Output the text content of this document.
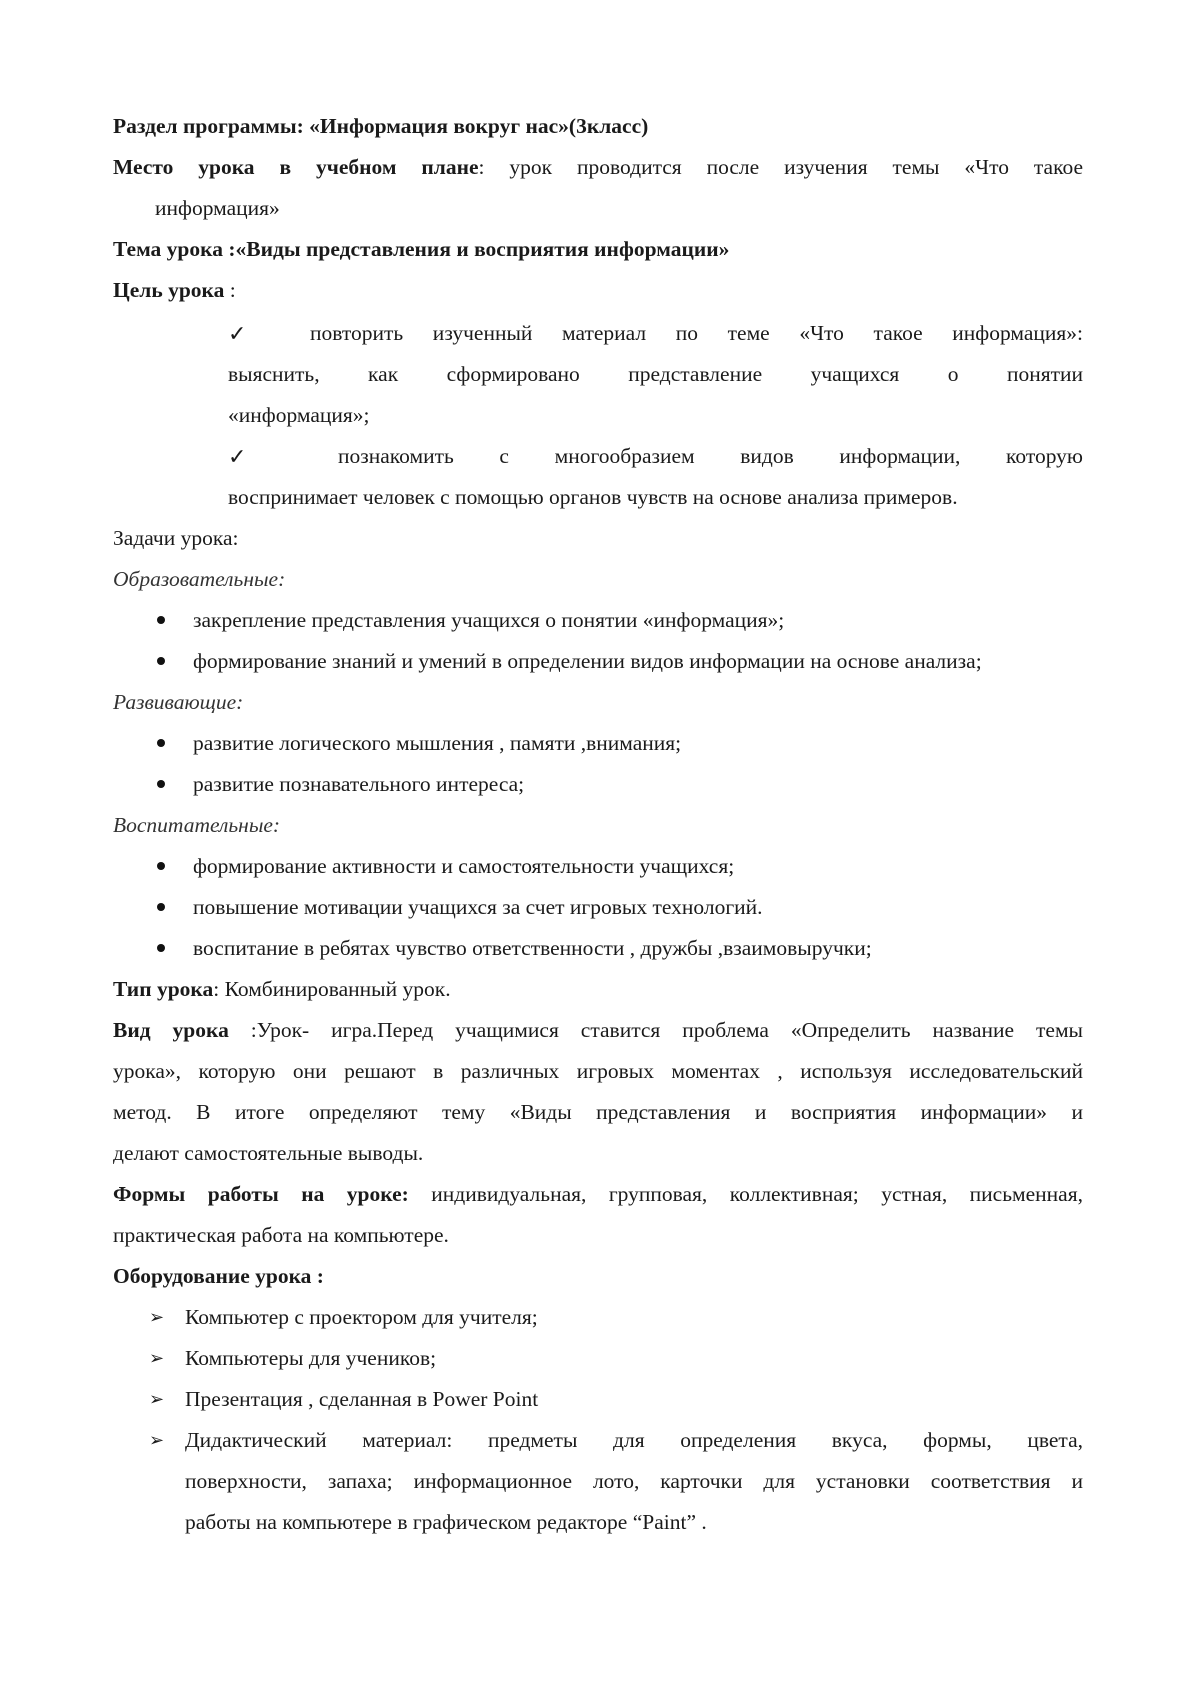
Раздел программы: «Информация вокруг нас»(3класс)
Место урока в учебном плане: урок проводится после изучения темы «Что такое
информация»
Тема урока :«Виды представления и восприятия информации»
Цель урока :
✓	повторить изученный материал по теме «Что такое информация»:
выяснить, как сформировано представление учащихся о понятии
«информация»;
✓	познакомить с многообразием видов информации, которую
воспринимает человек с помощью органов чувств на основе анализа примеров.
Задачи урока:
Образовательные:
закрепление представления учащихся о понятии «информация»;
формирование знаний и умений в определении видов информации на основе анализа;
Развивающие:
развитие логического мышления , памяти ,внимания;
развитие познавательного интереса;
Воспитательные:
формирование активности и самостоятельности учащихся;
повышение мотивации учащихся за счет игровых технологий.
воспитание в ребятах чувство ответственности , дружбы ,взаимовыручки;
Тип урока: Комбинированный урок.
Вид урока :Урок- игра.Перед учащимися ставится проблема «Определить название темы
урока», которую они решают в различных игровых моментах , используя исследовательский
метод. В итоге определяют тему «Виды представления и восприятия информации» и
делают самостоятельные выводы.
Формы работы на уроке: индивидуальная, групповая, коллективная; устная, письменная,
практическая работа на компьютере.
Оборудование урока :
➢ Компьютер с проектором для учителя;
➢ Компьютеры для учеников;
➢ Презентация , сделанная в Power Point
➢ Дидактический материал: предметы для определения вкуса, формы, цвета,
поверхности, запаха; информационное лото, карточки для установки соответствия и
работы на компьютере в графическом редакторе “Paint” .
